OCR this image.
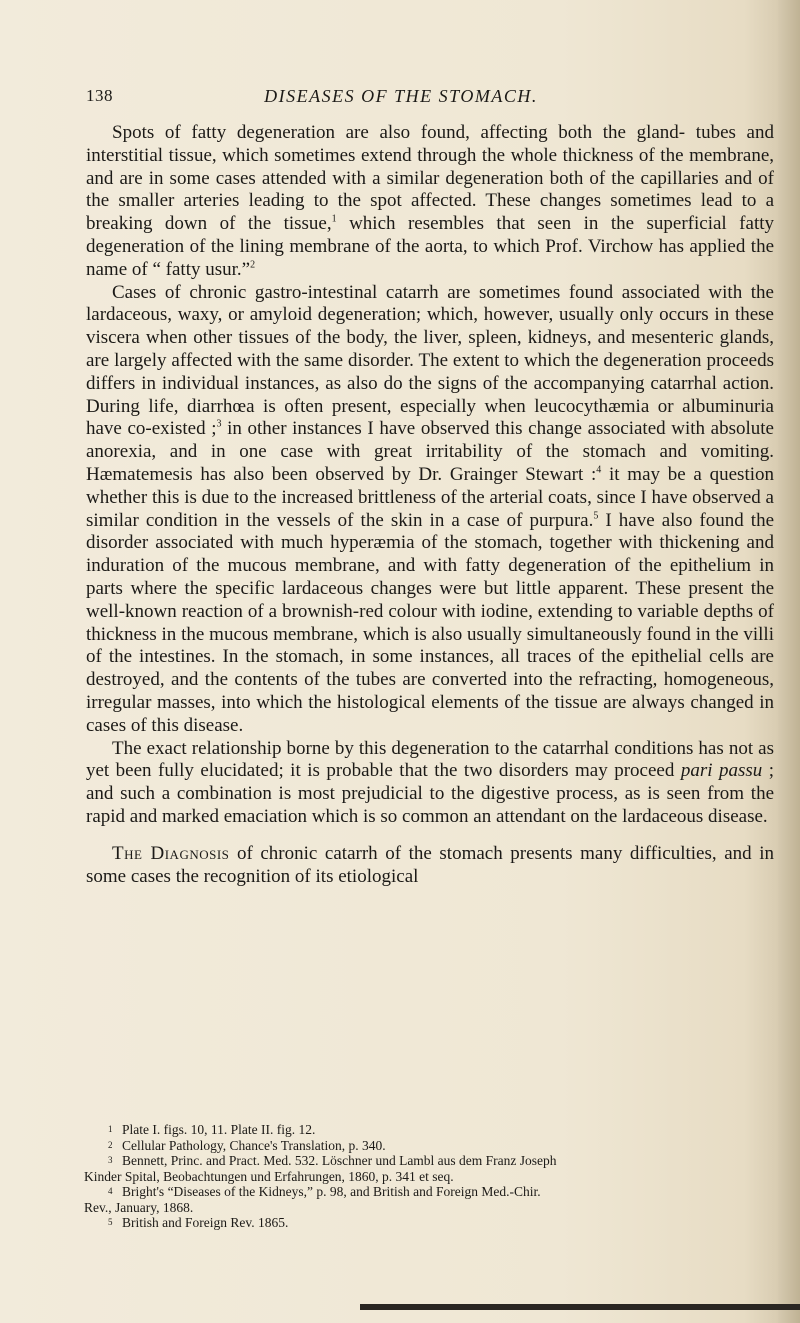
138	DISEASES OF THE STOMACH.

Spots of fatty degeneration are also found, affecting both the gland- tubes and interstitial tissue, which sometimes extend through the whole thickness of the membrane, and are in some cases attended with a similar degeneration both of the capillaries and of the smaller arteries leading to the spot affected. These changes sometimes lead to a breaking down of the tissue,$^1$ which resembles that seen in the superficial fatty degeneration of the lining membrane of the aorta, to which Prof. Virchow has applied the name of “ fatty usur.”$^2$

Cases of chronic gastro-intestinal catarrh are sometimes found associated with the lardaceous, waxy, or amyloid degeneration; which, however, usually only occurs in these viscera when other tissues of the body, the liver, spleen, kidneys, and mesenteric glands, are largely affected with the same disorder. The extent to which the degeneration proceeds differs in individual instances, as also do the signs of the accompanying catarrhal action. During life, diarrhœa is often present, especially when leucocythæmia or albuminuria have co-existed ;$^3$ in other instances I have observed this change associated with absolute anorexia, and in one case with great irritability of the stomach and vomiting. Hæmatemesis has also been observed by Dr. Grainger Stewart :$^4$ it may be a question whether this is due to the increased brittleness of the arterial coats, since I have observed a similar condition in the vessels of the skin in a case of purpura.$^5$ I have also found the disorder associated with much hyperæmia of the stomach, together with thickening and induration of the mucous membrane, and with fatty degeneration of the epithelium in parts where the specific lardaceous changes were but little apparent. These present the well-known reaction of a brownish-red colour with iodine, extending to variable depths of thickness in the mucous membrane, which is also usually simultaneously found in the villi of the intestines. In the stomach, in some instances, all traces of the epithelial cells are destroyed, and the contents of the tubes are converted into the refracting, homogeneous, irregular masses, into which the histological elements of the tissue are always changed in cases of this disease.

The exact relationship borne by this degeneration to the catarrhal conditions has not as yet been fully elucidated; it is probable that the two disorders may proceed pari passu ; and such a combination is most prejudicial to the digestive process, as is seen from the rapid and marked emaciation which is so common an attendant on the lardaceous disease.

The Diagnosis of chronic catarrh of the stomach presents many difficulties, and in some cases the recognition of its etiological

1 Plate I. figs. 10, 11. Plate II. fig. 12.
2 Cellular Pathology, Chance's Translation, p. 340.
3 Bennett, Princ. and Pract. Med. 532. Löschner und Lambl aus dem Franz Joseph
Kinder Spital, Beobachtungen und Erfahrungen, 1860, p. 341 et seq.
4 Bright's “Diseases of the Kidneys,” p. 98, and British and Foreign Med.-Chir.
Rev., January, 1868.
5 British and Foreign Rev. 1865.
